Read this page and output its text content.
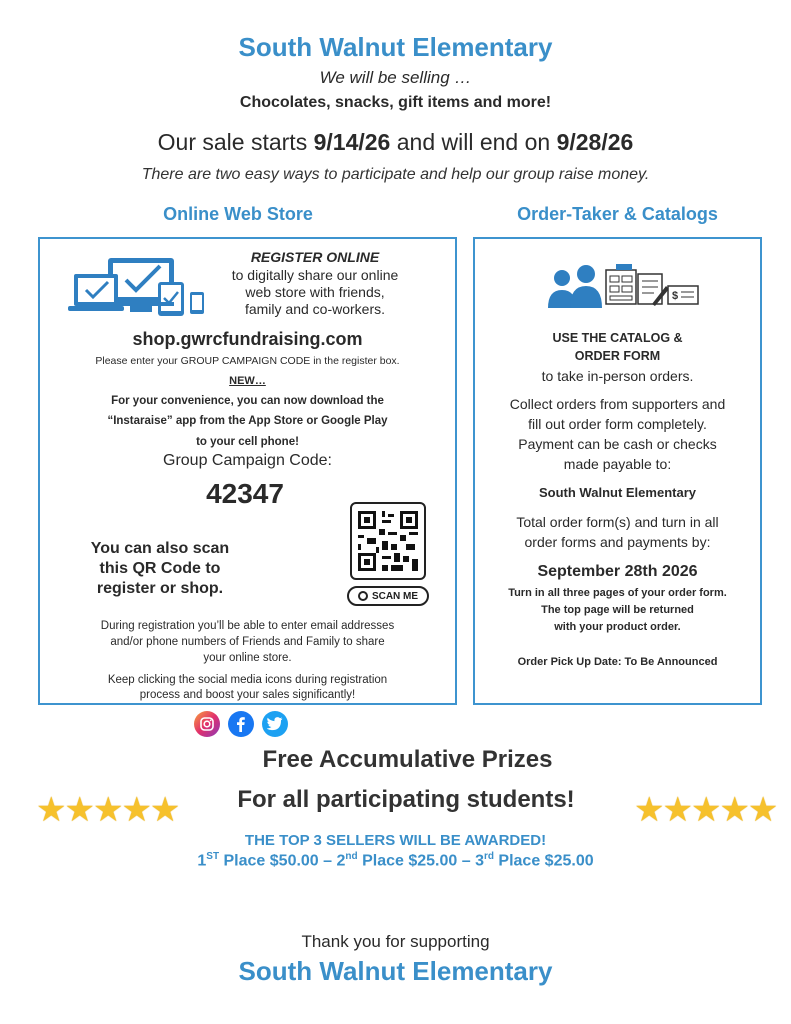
South Walnut Elementary
We will be selling …
Chocolates, snacks, gift items and more!
Our sale starts 9/14/26 and will end on 9/28/26
There are two easy ways to participate and help our group raise money.
Online Web Store	Order-Taker & Catalogs
REGISTER ONLINE
to digitally share our online
web store with friends,
family and co-workers.
shop.gwrcfundraising.com
Please enter your GROUP CAMPAIGN CODE in the register box.
NEW…
For your convenience, you can now download the
“Instaraise” app from the App Store or Google Play
to your cell phone!
Group Campaign Code:
42347
You can also scan
this QR Code to
register or shop.	SCAN ME
During registration you’ll be able to enter email addresses
and/or phone numbers of Friends and Family to share
your online store.
Keep clicking the social media icons during registration
process and boost your sales significantly!
$
USE THE CATALOG &
ORDER FORM
to take in-person orders.
Collect orders from supporters and
fill out order form completely.
Payment can be cash or checks
made payable to:
South Walnut Elementary
Total order form(s) and turn in all
order forms and payments by:
September 28th 2026
Turn in all three pages of your order form.
The top page will be returned
with your product order.
Order Pick Up Date: To Be Announced
Free Accumulative Prizes
★★★★★	For all participating students!	★★★★★
THE TOP 3 SELLERS WILL BE AWARDED!
1ST Place $50.00 – 2nd Place $25.00 – 3rd Place $25.00
Thank you for supporting
South Walnut Elementary
